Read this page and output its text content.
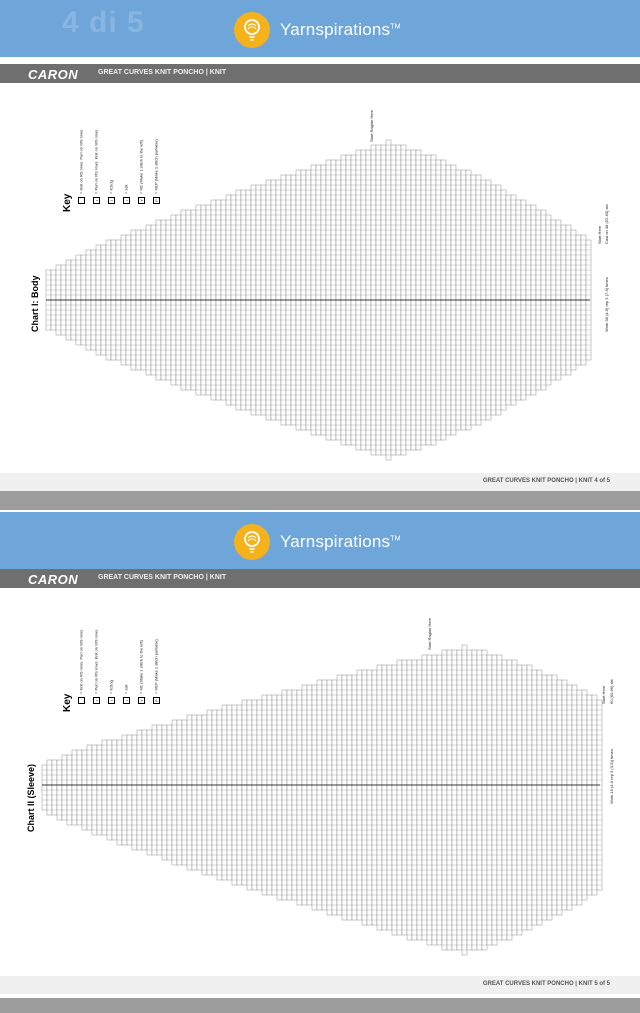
4 di 5	Yarnspirations™
CARON	GREAT CURVES KNIT PONCHO | KNIT
Chart I: Body
Key
= Knit on RS rows. Purl on WS rows.
•= Purl on RS rows. Knit on WS rows.
/= K2tog
\= ssk
Y= M1 (Make 1 stitch to the left)
P= M1P (Make 1 stitch purlwise)
Start Raglan Here
Start Here Cast on 48 (52-60) sts
Work 38 (4-6) rep 5 (7-9) times
GREAT CURVES KNIT PONCHO | KNIT 4 of 5
Yarnspirations™
CARON	GREAT CURVES KNIT PONCHO | KNIT
Chart II (Sleeve)
Key
= Knit on RS rows. Purl on WS rows.
•= Purl on RS rows. Knit on WS rows.
/= K2tog
\= ssk
Y= M1 (Make 1 stitch to the left)
P= M1P (Make 1 stitch purlwise)
Start Raglan Here
Start Here 60 (60-66) sts
Work 19 (4-6 rep 3 (3-5)) times
GREAT CURVES KNIT PONCHO | KNIT 5 of 5
